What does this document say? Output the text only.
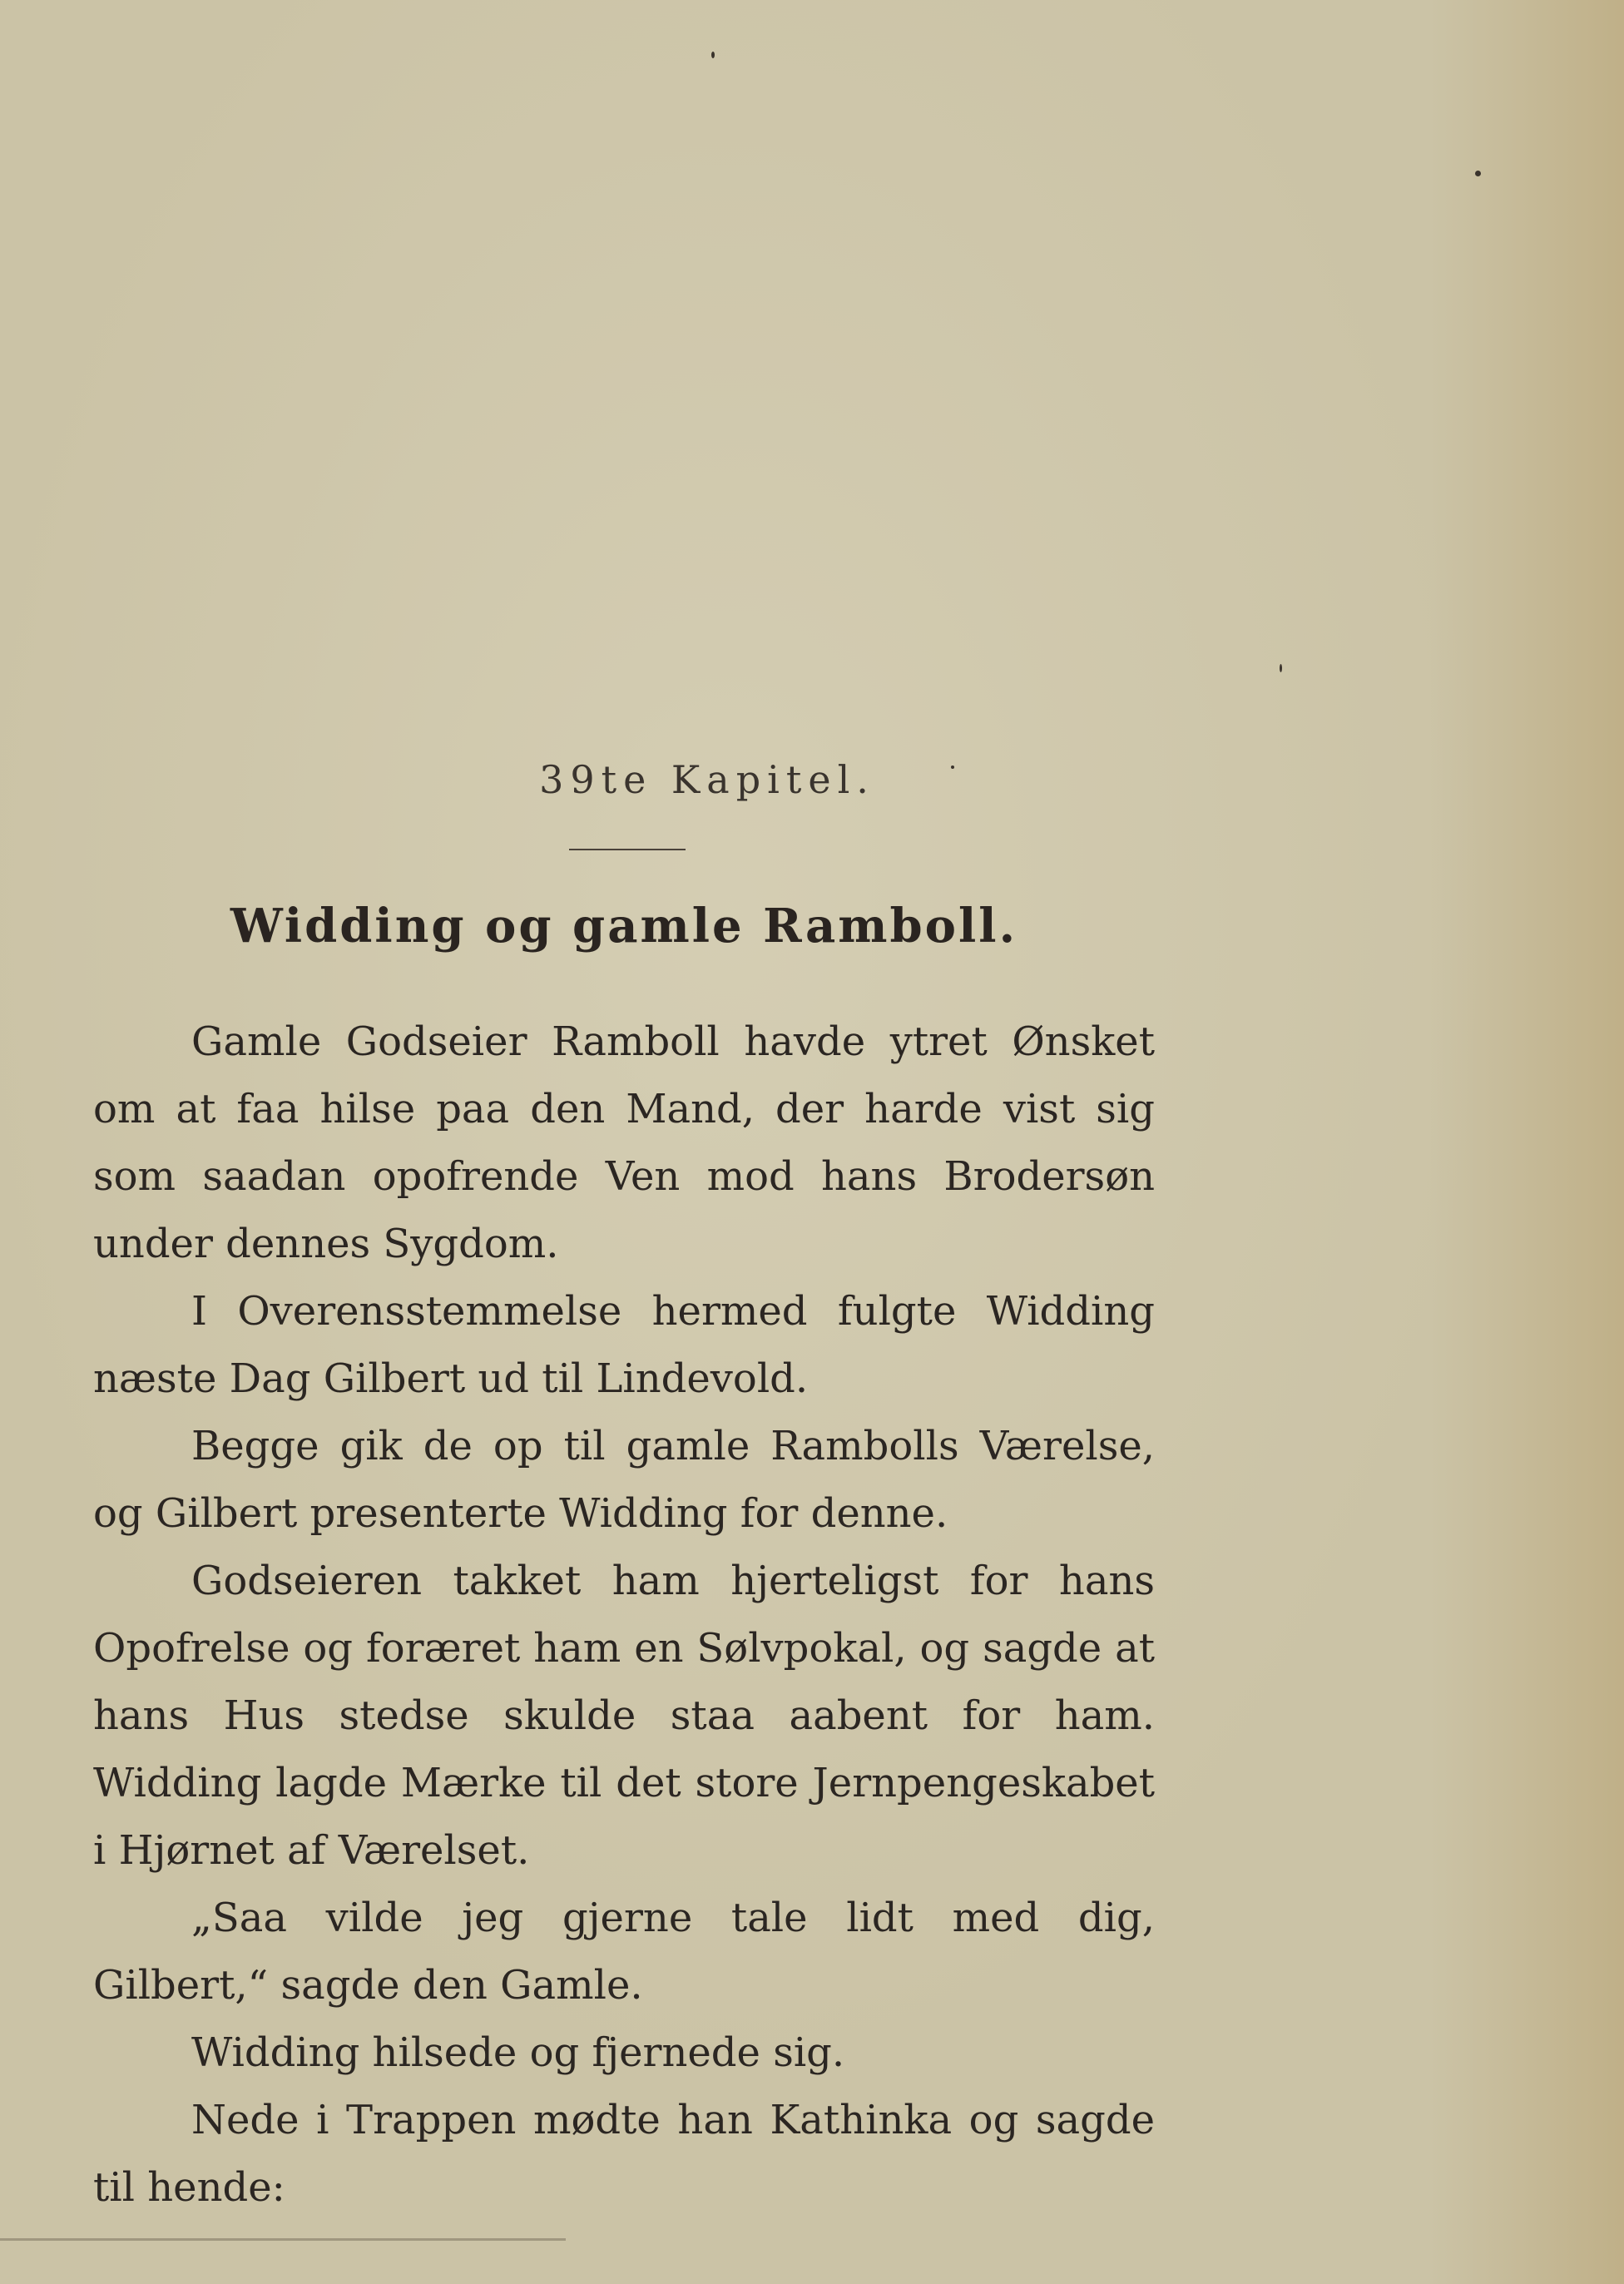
39te Kapitel.
Widding og gamle Ramboll.

Gamle Godseier Ramboll havde ytret Ønsket om at faa hilse paa den Mand, der harde vist sig som saadan opofrende Ven mod hans Brodersøn under dennes Sygdom.

I Overensstemmelse hermed fulgte Widding næste Dag Gilbert ud til Lindevold.

Begge gik de op til gamle Rambolls Værelse, og Gilbert presenterte Widding for denne.

Godseieren takket ham hjerteligst for hans Opofrelse og foræret ham en Sølvpokal, og sagde at hans Hus stedse skulde staa aabent for ham. Widding lagde Mærke til det store Jernpengeskabet i Hjørnet af Værelset.

„Saa vilde jeg gjerne tale lidt med dig, Gilbert,“ sagde den Gamle.

Widding hilsede og fjernede sig.

Nede i Trappen mødte han Kathinka og sagde til hende:
